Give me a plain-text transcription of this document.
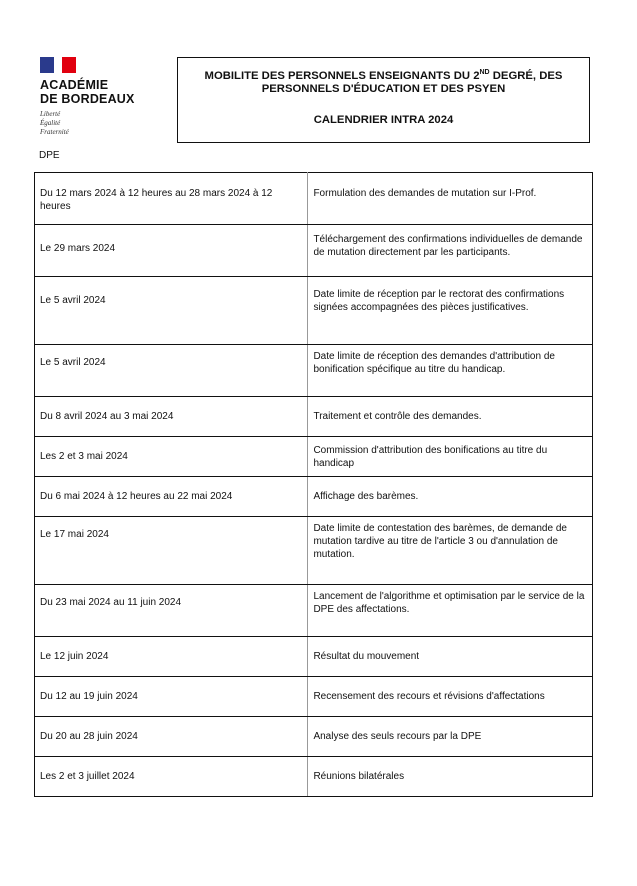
ACADÉMIE
DE BORDEAUX
Liberté
Égalité
Fraternité
DPE
MOBILITE DES PERSONNELS ENSEIGNANTS DU 2ND DEGRÉ, DES PERSONNELS D'ÉDUCATION ET DES PSYEN
CALENDRIER INTRA 2024
Du 12 mars 2024 à 12 heures au 28 mars 2024 à 12 heures	Formulation des demandes de mutation sur I-Prof.
Le 29 mars 2024	Téléchargement des confirmations individuelles de demande de mutation directement par les participants.
Le 5 avril 2024	Date limite de réception par le rectorat des confirmations signées accompagnées des pièces justificatives.
Le 5 avril 2024	Date limite de réception des demandes d'attribution de bonification spécifique au titre du handicap.
Du 8 avril 2024 au 3 mai 2024	Traitement et contrôle des demandes.
Les 2 et 3 mai 2024	Commission d'attribution des bonifications au titre du handicap
Du 6 mai 2024 à 12 heures au 22 mai 2024	Affichage des barèmes.
Le 17 mai 2024	Date limite de contestation des barèmes, de demande de mutation tardive au titre de l'article 3 ou d'annulation de mutation.
Du 23 mai 2024 au 11 juin 2024	Lancement de l'algorithme et optimisation par le service de la DPE des affectations.
Le 12 juin 2024	Résultat du mouvement
Du 12 au 19 juin 2024	Recensement des recours et révisions d'affectations
Du 20 au 28 juin 2024	Analyse des seuls recours par la DPE
Les 2 et 3 juillet 2024	Réunions bilatérales
